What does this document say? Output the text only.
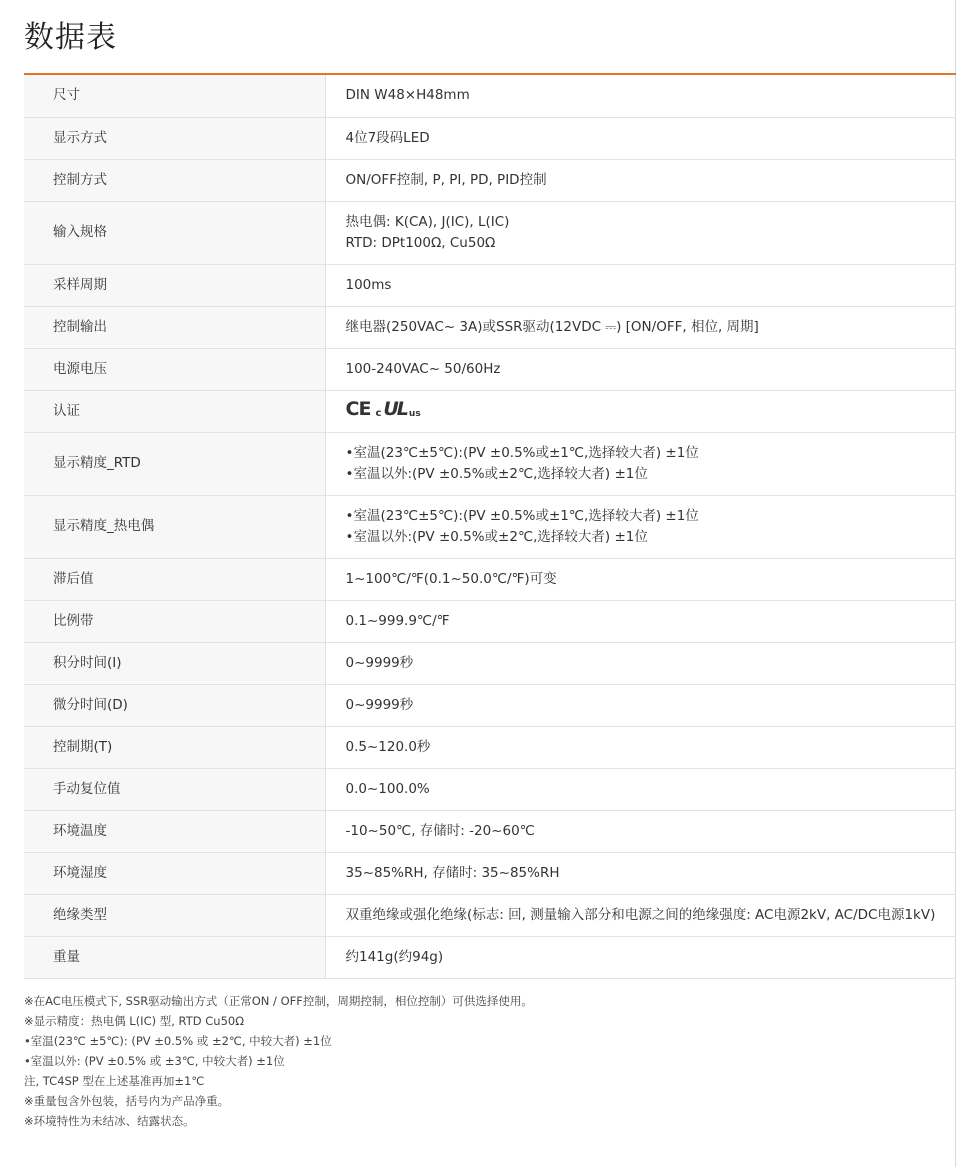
数据表
尺寸	DIN W48×H48mm

显示方式	4位7段码LED

控制方式	ON/OFF控制, P, PI, PD, PID控制

输入规格	热电偶: K(CA), J(IC), L(IC)
RTD: DPt100Ω, Cu50Ω

采样周期	100ms

控制输出	继电器(250VAC~ 3A)或SSR驱动(12VDC ⎓) [ON/OFF, 相位, 周期]

电源电压	100-240VAC~ 50/60Hz

认证	CE c UL us

显示精度_RTD	•室温(23℃±5℃):(PV ±0.5%或±1℃,选择较大者) ±1位
•室温以外:(PV ±0.5%或±2℃,选择较大者) ±1位

显示精度_热电偶	•室温(23℃±5℃):(PV ±0.5%或±1℃,选择较大者) ±1位
•室温以外:(PV ±0.5%或±2℃,选择较大者) ±1位

滞后值	1~100℃/℉(0.1~50.0℃/℉)可变

比例带	0.1~999.9℃/℉

积分时间(I)	0~9999秒

微分时间(D)	0~9999秒

控制期(T)	0.5~120.0秒

手动复位值	0.0~100.0%

环境温度	-10~50℃, 存储时: -20~60℃

环境湿度	35~85%RH, 存储时: 35~85%RH

绝缘类型	双重绝缘或强化绝缘(标志: 回, 测量输入部分和电源之间的绝缘强度: AC电源2kV, AC/DC电源1kV)

重量	约141g(约94g)
※在AC电压模式下, SSR驱动输出方式（正常ON / OFF控制，周期控制，相位控制）可供选择使用。
※显示精度：热电偶 L(IC) 型, RTD Cu50Ω
•室温(23℃ ±5℃): (PV ±0.5% 或 ±2℃, 中较大者) ±1位
•室温以外: (PV ±0.5% 或 ±3℃, 中较大者) ±1位
注, TC4SP 型在上述基准再加±1℃
※重量包含外包装，括号内为产品净重。
※环境特性为未结冰、结露状态。
